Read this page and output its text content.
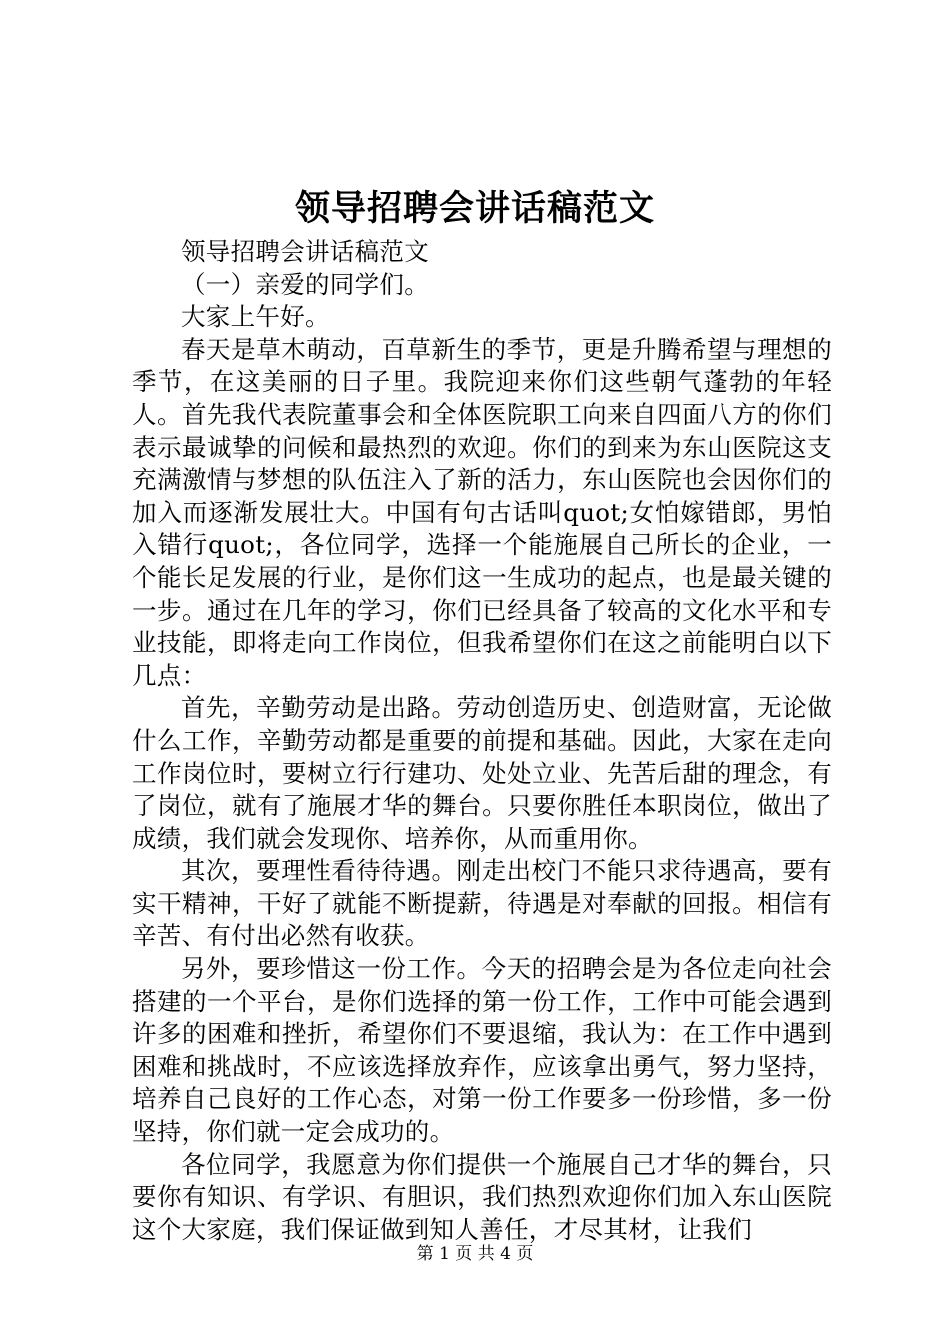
领导招聘会讲话稿范文

领导招聘会讲话稿范文

（一）亲爱的同学们。

大家上午好。

春天是草木萌动，百草新生的季节，更是升腾希望与理想的季节，在这美丽的日子里。我院迎来你们这些朝气蓬勃的年轻人。首先我代表院董事会和全体医院职工向来自四面八方的你们表示最诚挚的问候和最热烈的欢迎。你们的到来为东山医院这支充满激情与梦想的队伍注入了新的活力，东山医院也会因你们的加入而逐渐发展壮大。中国有句古话叫quot;女怕嫁错郎，男怕入错行quot;，各位同学，选择一个能施展自己所长的企业，一个能长足发展的行业，是你们这一生成功的起点，也是最关键的一步。通过在几年的学习，你们已经具备了较高的文化水平和专业技能，即将走向工作岗位，但我希望你们在这之前能明白以下几点：

首先，辛勤劳动是出路。劳动创造历史、创造财富，无论做什么工作，辛勤劳动都是重要的前提和基础。因此，大家在走向工作岗位时，要树立行行建功、处处立业、先苦后甜的理念，有了岗位，就有了施展才华的舞台。只要你胜任本职岗位，做出了成绩，我们就会发现你、培养你，从而重用你。

其次，要理性看待待遇。刚走出校门不能只求待遇高，要有实干精神，干好了就能不断提薪，待遇是对奉献的回报。相信有辛苦、有付出必然有收获。

另外，要珍惜这一份工作。今天的招聘会是为各位走向社会搭建的一个平台，是你们选择的第一份工作，工作中可能会遇到许多的困难和挫折，希望你们不要退缩，我认为：在工作中遇到困难和挑战时，不应该选择放弃作，应该拿出勇气，努力坚持，培养自己良好的工作心态，对第一份工作要多一份珍惜，多一份坚持，你们就一定会成功的。

各位同学，我愿意为你们提供一个施展自己才华的舞台，只要你有知识、有学识、有胆识，我们热烈欢迎你们加入东山医院这个大家庭，我们保证做到知人善任，才尽其材，让我们

第 1 页 共 4 页
